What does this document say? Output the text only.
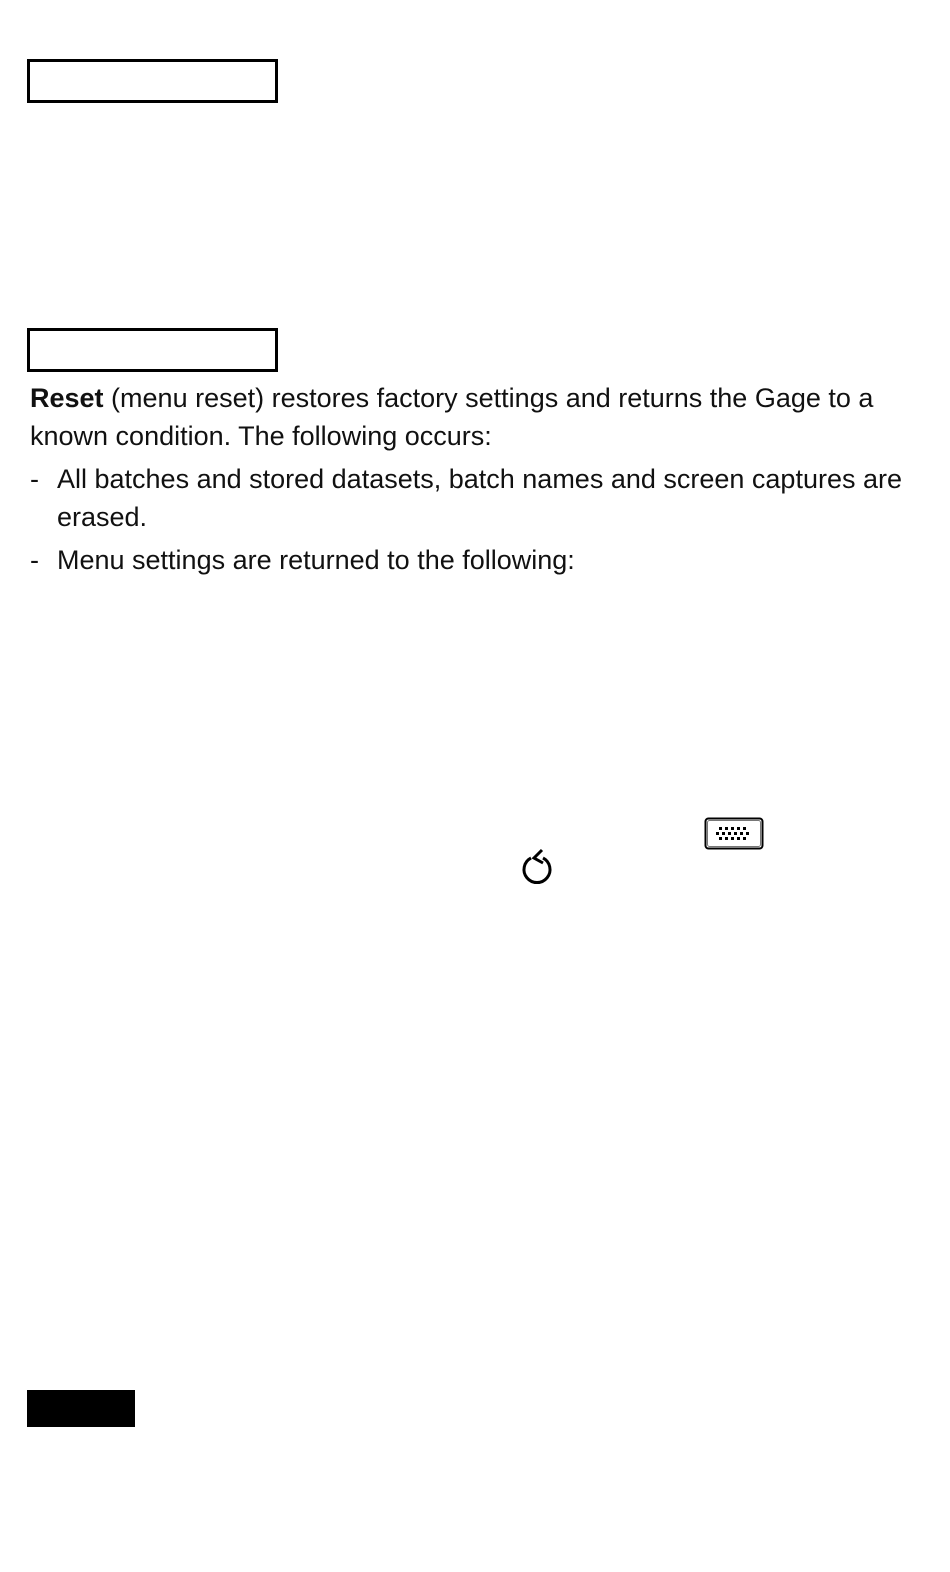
Reset (menu reset) restores factory settings and returns the Gage to a known condition. The following occurs:

- All batches and stored datasets, batch names and screen captures are erased.
- Menu settings are returned to the following:
